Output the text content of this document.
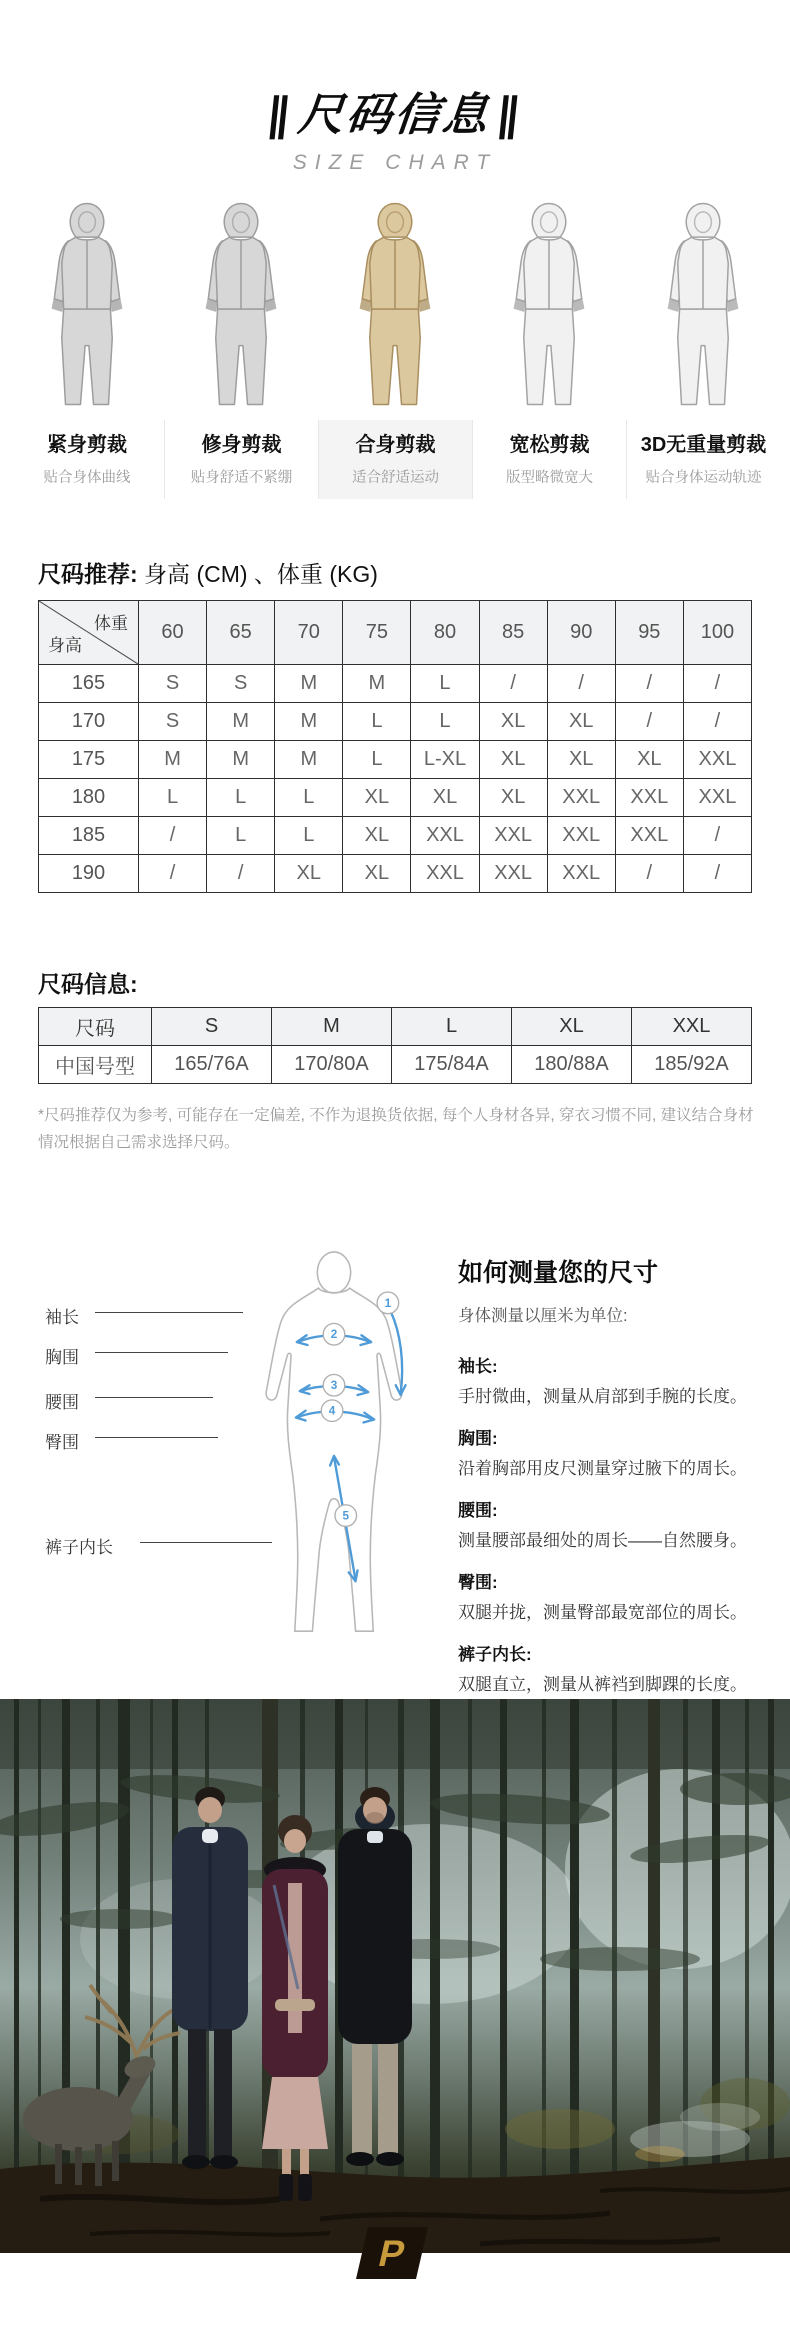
∥尺码信息∥
SIZE CHART
紧身剪裁
贴合身体曲线
修身剪裁
贴身舒适不紧绷
合身剪裁
适合舒适运动
宽松剪裁
版型略微宽大
3D无重量剪裁
贴合身体运动轨迹
尺码推荐: 身高 (CM) 、体重 (KG)
体重
身高	60	65	70	75	80	85	90	95	100
165	S	S	M	M	L	/	/	/	/
170	S	M	M	L	L	XL	XL	/	/
175	M	M	M	L	L-XL	XL	XL	XL	XXL
180	L	L	L	XL	XL	XL	XXL	XXL	XXL
185	/	L	L	XL	XXL	XXL	XXL	XXL	/
190	/	/	XL	XL	XXL	XXL	XXL	/	/
尺码信息:
尺码	S	M	L	XL	XXL
中国号型	165/76A	170/80A	175/84A	180/88A	185/92A
*尺码推荐仅为参考, 可能存在一定偏差, 不作为退换货依据, 每个人身材各异, 穿衣习惯不同, 建议结合身材情况根据自己需求选择尺码。
袖长
胸围
腰围
臀围
裤子内长
1
2
3
4
5
如何测量您的尺寸
身体测量以厘米为单位:
袖长:
手肘微曲，测量从肩部到手腕的长度。
胸围:
沿着胸部用皮尺测量穿过腋下的周长。
腰围:
测量腰部最细处的周长——自然腰身。
臀围:
双腿并拢，测量臀部最宽部位的周长。
裤子内长:
双腿直立，测量从裤裆到脚踝的长度。
P
